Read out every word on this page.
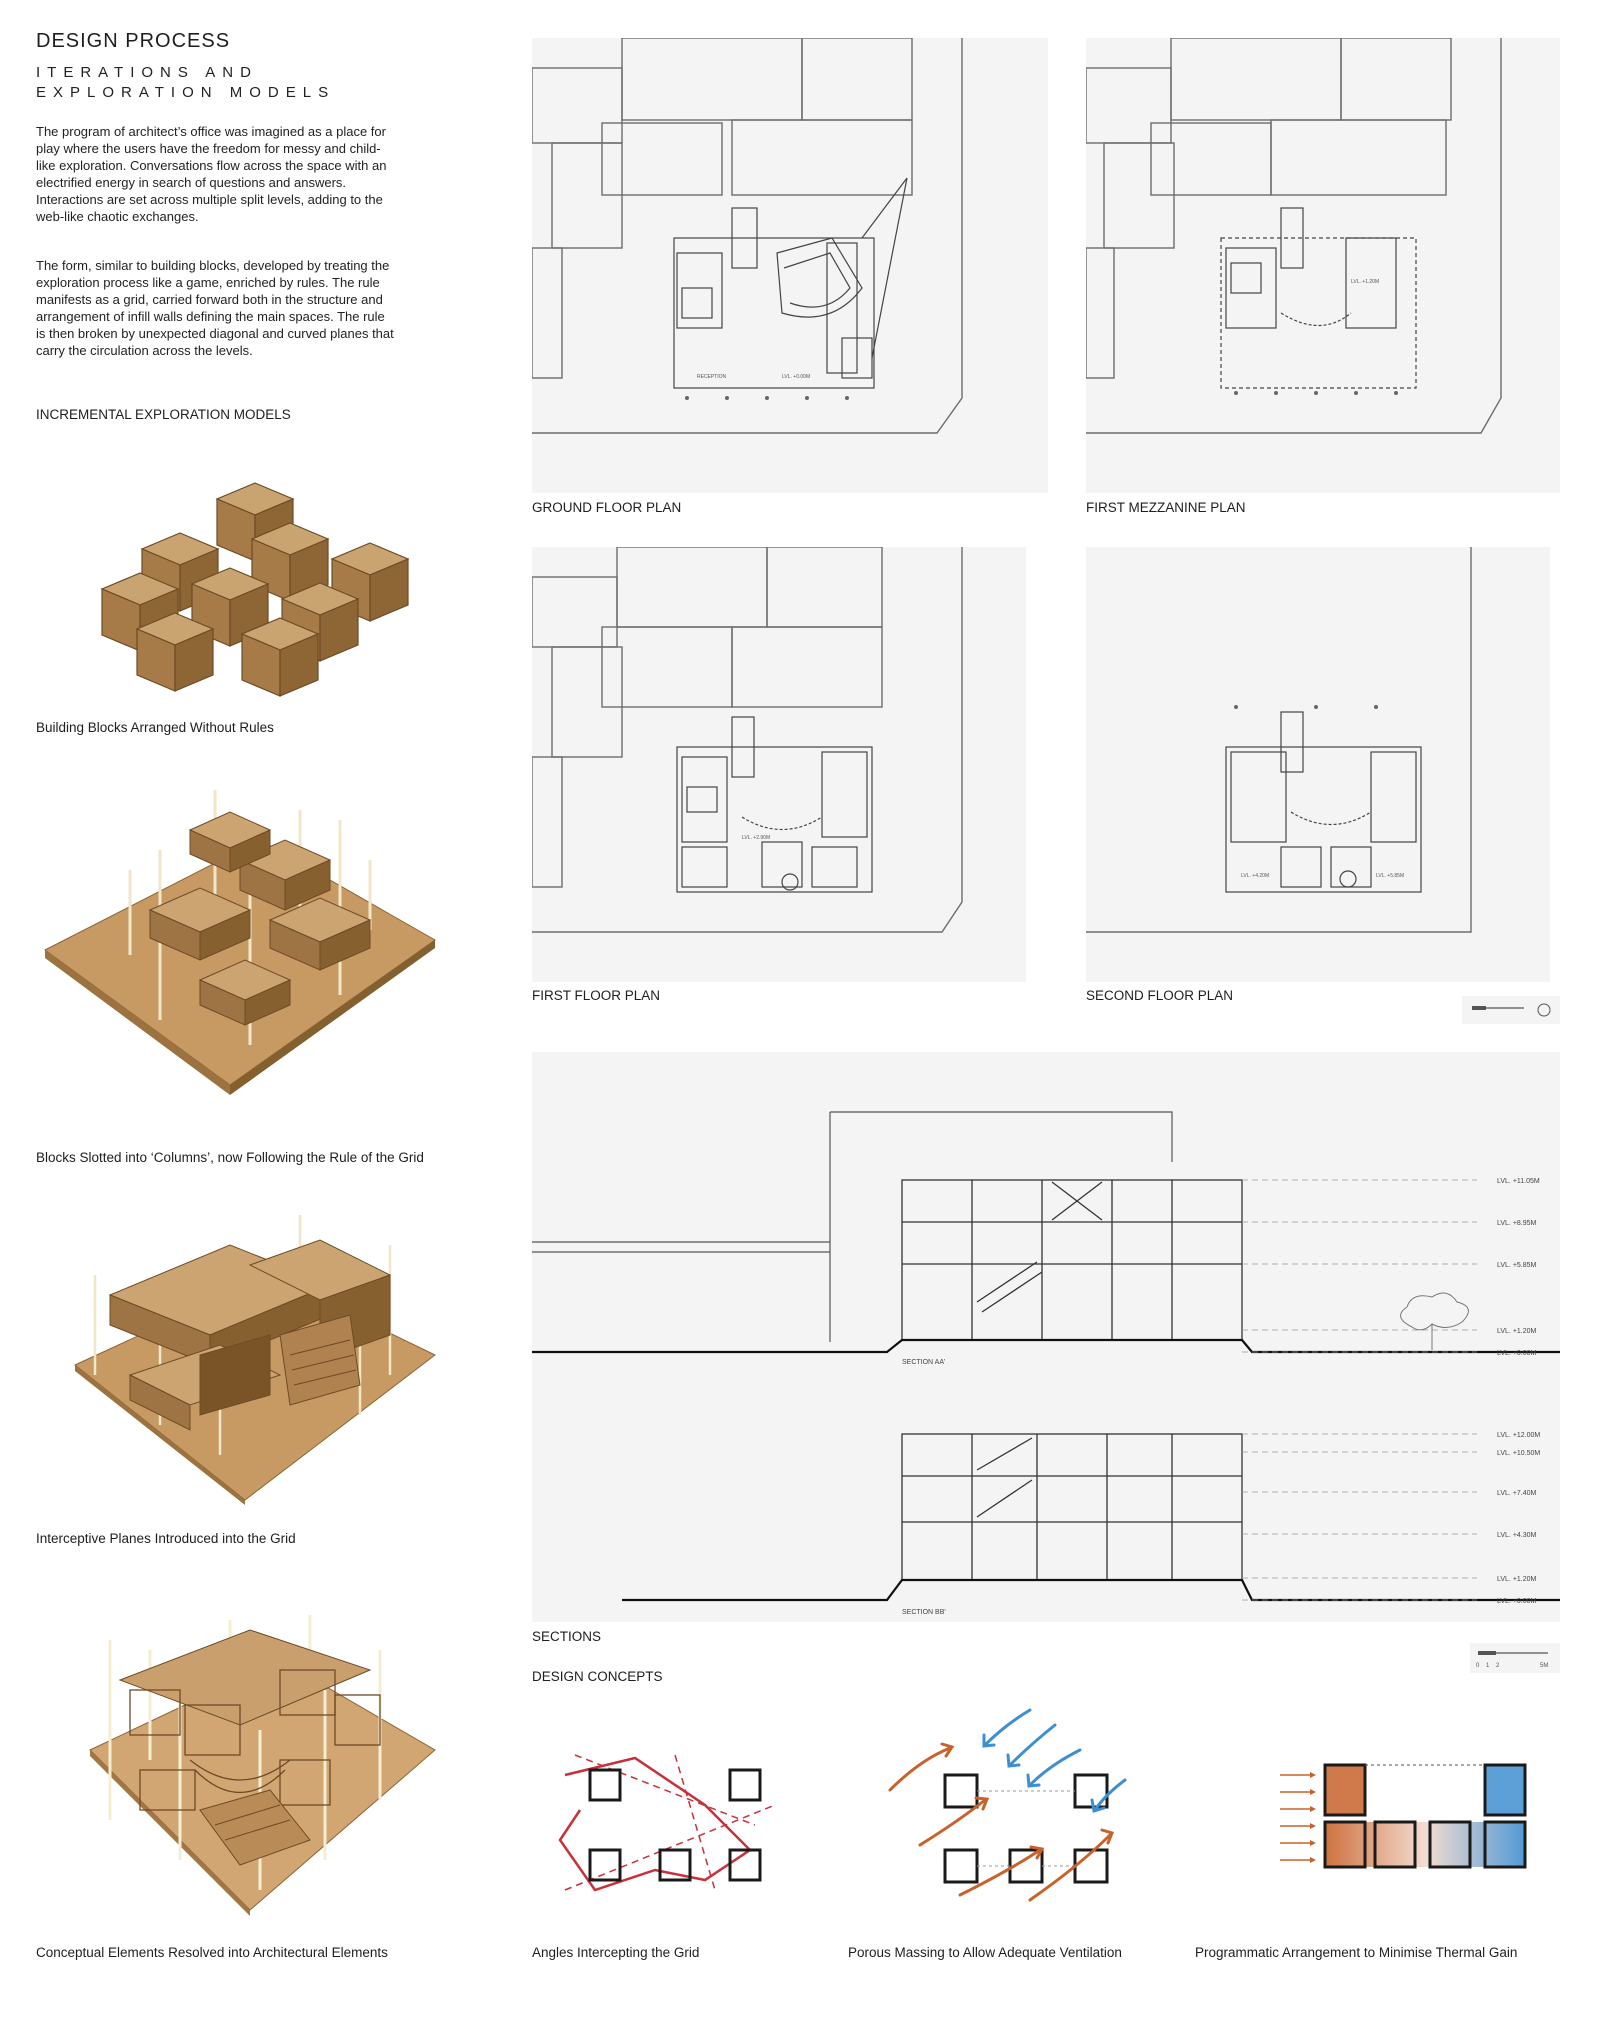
DESIGN PROCESS
ITERATIONS AND
EXPLORATION MODELS
The program of architect’s office was imagined as a place for play where the users have the freedom for messy and child-like exploration. Conversations flow across the space with an electrified energy in search of questions and answers. Interactions are set across multiple split levels, adding to the web-like chaotic exchanges.
The form, similar to building blocks, developed by treating the exploration process like a game, enriched by rules. The rule manifests as a grid, carried forward both in the structure and arrangement of infill walls defining the main spaces. The rule is then broken by unexpected diagonal and curved planes that carry the circulation across the levels.
INCREMENTAL EXPLORATION MODELS
Building Blocks Arranged Without Rules
Blocks Slotted into ‘Columns’, now Following the Rule of the Grid
Interceptive Planes Introduced into the Grid
Conceptual Elements Resolved into Architectural Elements
RECEPTION	LVL. +0.00M
GROUND FLOOR PLAN
LVL. +1.20M
FIRST MEZZANINE PLAN
LVL. +2.90M
FIRST FLOOR PLAN
LVL. +4.20M	LVL. +5.85M
SECOND FLOOR PLAN
LVL. +11.05M
LVL. +8.95M
LVL. +5.85M
LVL. +1.20M
LVL. +0.00M
SECTION AA'
LVL. +12.00M
LVL. +10.50M
LVL. +7.40M
LVL. +4.30M
LVL. +1.20M
LVL. +0.00M
SECTION BB'
SECTIONS
0 1 2	5M
DESIGN CONCEPTS
Angles Intercepting the Grid	Porous Massing to Allow Adequate Ventilation	Programmatic Arrangement to Minimise Thermal Gain
